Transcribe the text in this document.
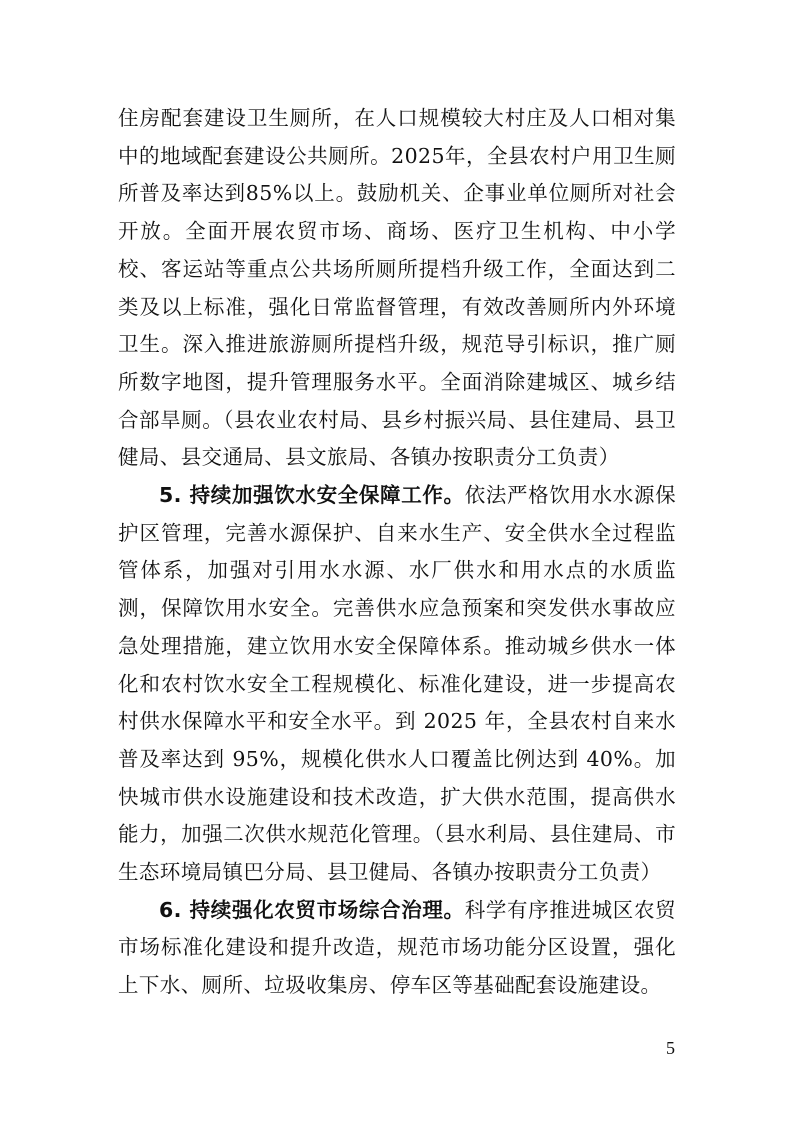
住房配套建设卫生厕所，在人口规模较大村庄及人口相对集中的地域配套建设公共厕所。2025年，全县农村户用卫生厕所普及率达到85%以上。鼓励机关、企事业单位厕所对社会开放。全面开展农贸市场、商场、医疗卫生机构、中小学校、客运站等重点公共场所厕所提档升级工作，全面达到二类及以上标准，强化日常监督管理，有效改善厕所内外环境卫生。深入推进旅游厕所提档升级，规范导引标识，推广厕所数字地图，提升管理服务水平。全面消除建城区、城乡结合部旱厕。（县农业农村局、县乡村振兴局、县住建局、县卫健局、县交通局、县文旅局、各镇办按职责分工负责）

5. 持续加强饮水安全保障工作。依法严格饮用水水源保护区管理，完善水源保护、自来水生产、安全供水全过程监管体系，加强对引用水水源、水厂供水和用水点的水质监测，保障饮用水安全。完善供水应急预案和突发供水事故应急处理措施，建立饮用水安全保障体系。推动城乡供水一体化和农村饮水安全工程规模化、标准化建设，进一步提高农村供水保障水平和安全水平。到 2025 年，全县农村自来水普及率达到 95%，规模化供水人口覆盖比例达到 40%。加快城市供水设施建设和技术改造，扩大供水范围，提高供水能力，加强二次供水规范化管理。（县水利局、县住建局、市生态环境局镇巴分局、县卫健局、各镇办按职责分工负责）

6. 持续强化农贸市场综合治理。科学有序推进城区农贸市场标准化建设和提升改造，规范市场功能分区设置，强化上下水、厕所、垃圾收集房、停车区等基础配套设施建设。

5
